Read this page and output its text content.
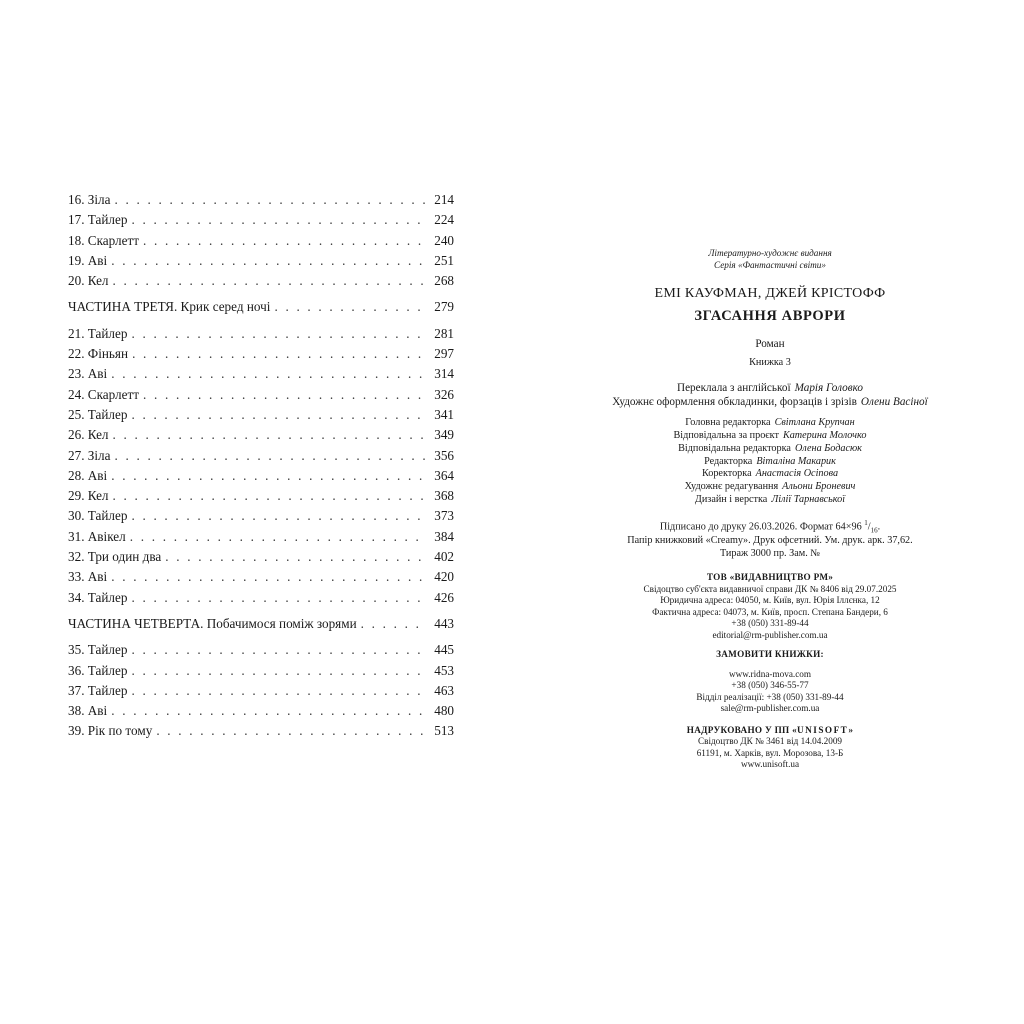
16. Зіла . . .	214
17. Тайлер . . .	224
18. Скарлетт . . .	240
19. Аві . . .	251
20. Кел . . .	268
ЧАСТИНА ТРЕТЯ. Крик серед ночі . . .	279
21. Тайлер . . .	281
22. Фіньян . . .	297
23. Аві . . .	314
24. Скарлетт . . .	326
25. Тайлер . . .	341
26. Кел . . .	349
27. Зіла . . .	356
28. Аві . . .	364
29. Кел . . .	368
30. Тайлер . . .	373
31. Авікел . . .	384
32. Три один два . . .	402
33. Аві . . .	420
34. Тайлер . . .	426
ЧАСТИНА ЧЕТВЕРТА. Побачимося поміж зорями . . .	443
35. Тайлер . . .	445
36. Тайлер . . .	453
37. Тайлер . . .	463
38. Аві . . .	480
39. Рік по тому . . .	513
Літературно-художнє видання
Серія «Фантастичні світи»
ЕМІ КАУФМАН, ДЖЕЙ КРІСТОФФ
ЗГАСАННЯ АВРОРИ
Роман
Книжка 3
Переклала з англійської Марія Головко
Художнє оформлення обкладинки, форзаців і зрізів Олени Васіної
Головна редакторка Світлана Крупчан
Відповідальна за проєкт Катерина Молочко
Відповідальна редакторка Олена Бодасюк
Редакторка Віталіна Макарик
Коректорка Анастасія Осіпова
Художнє редагування Альони Броневич
Дизайн і верстка Лілії Тарнавської
Підписано до друку 26.03.2026. Формат 64×96 $^1/_{16}$.
Папір книжковий «Creamy». Друк офсетний. Ум. друк. арк. 37,62.
Тираж 3000 пр. Зам. №
ТОВ «ВИДАВНИЦТВО РМ»
Свідоцтво суб'єкта видавничої справи ДК № 8406 від 29.07.2025
Юридична адреса: 04050, м. Київ, вул. Юрія Іллєнка, 12
Фактична адреса: 04073, м. Київ, просп. Степана Бандери, 6
+38 (050) 331-89-44
editorial@rm-publisher.com.ua
ЗАМОВИТИ КНИЖКИ:
www.ridna-mova.com
+38 (050) 346-55-77
Відділ реалізації: +38 (050) 331-89-44
sale@rm-publisher.com.ua
НАДРУКОВАНО У ПП «UNISOFT»
Свідоцтво ДК № 3461 від 14.04.2009
61191, м. Харків, вул. Морозова, 13-Б
www.unisoft.ua
